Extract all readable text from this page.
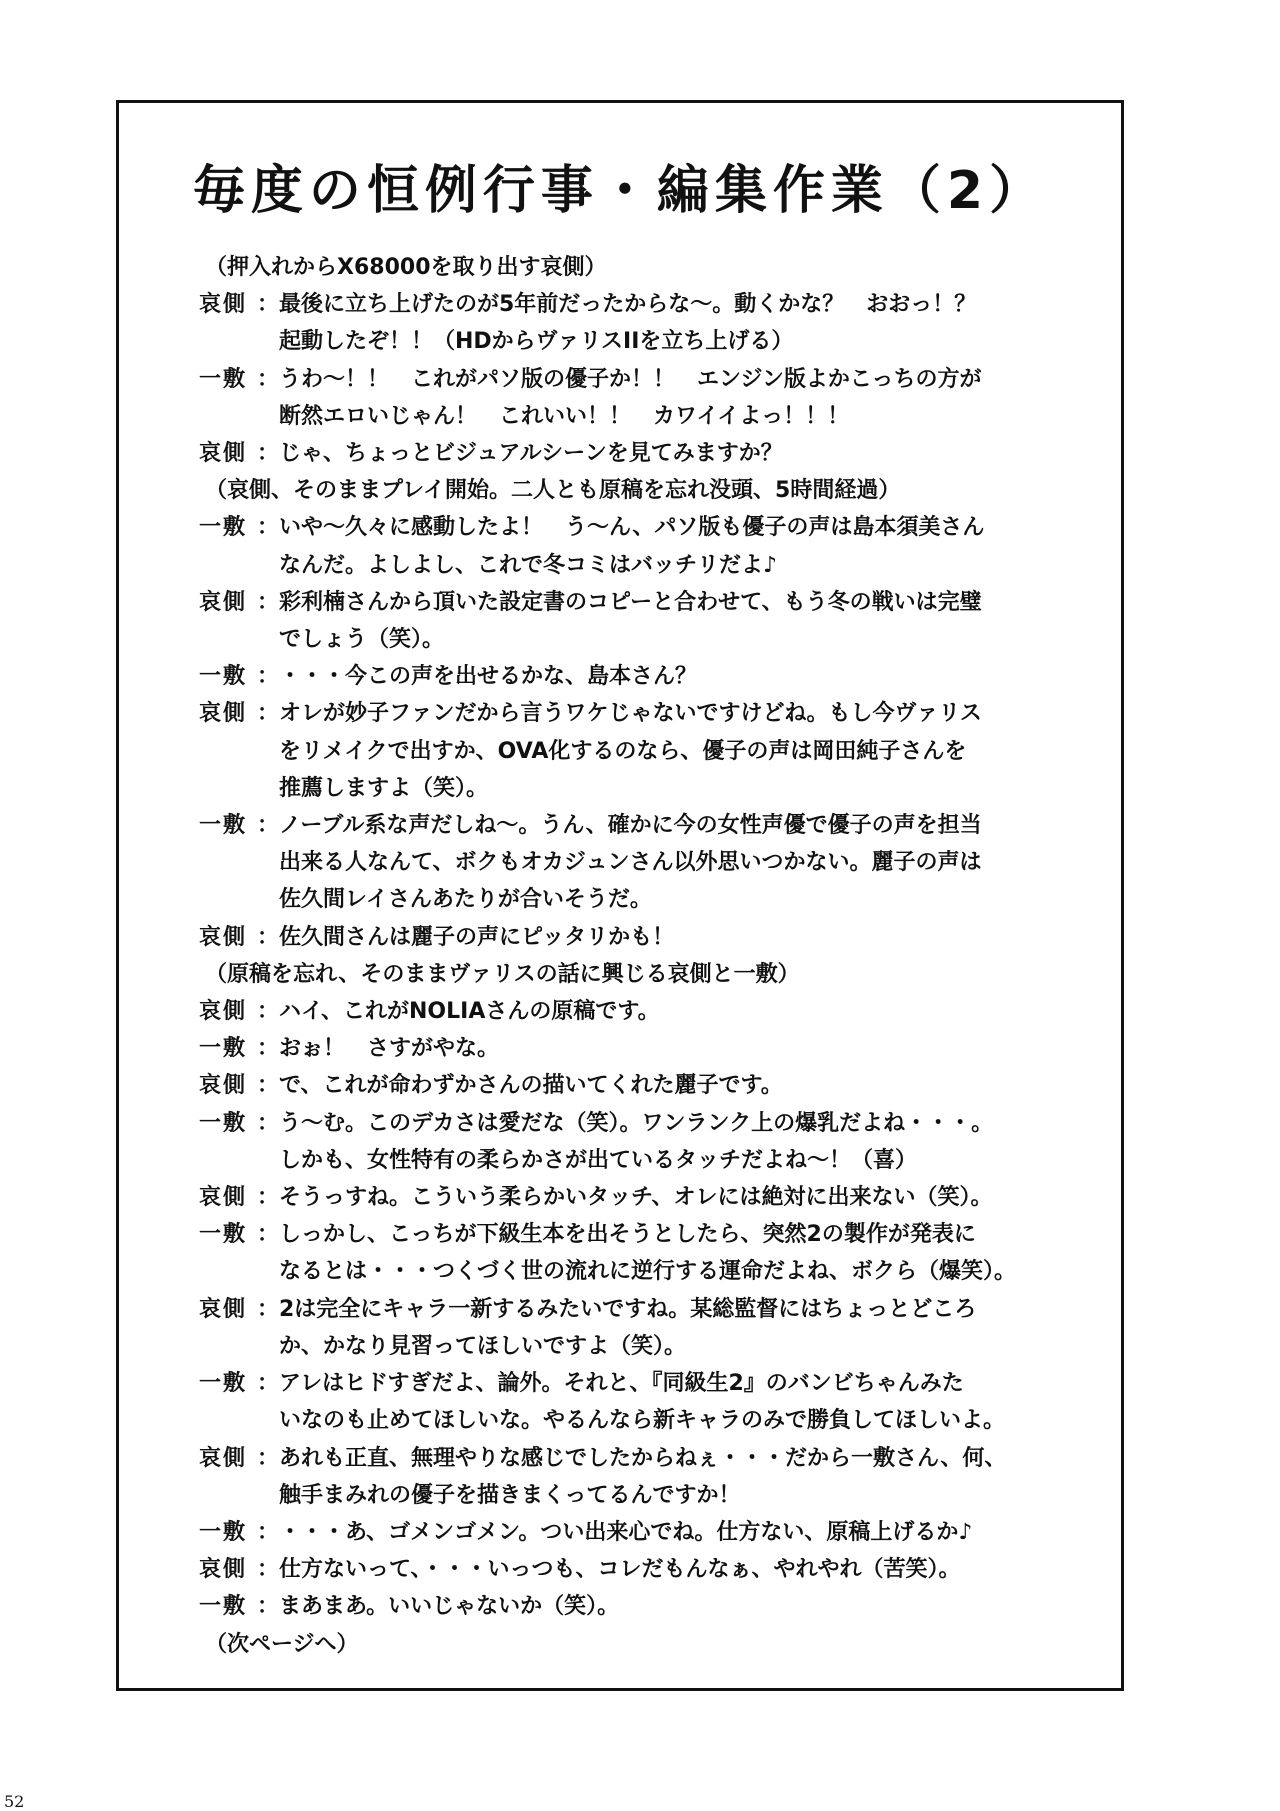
毎度の恒例行事・編集作業（2）
（押入れからX68000を取り出す哀側）
哀側 ： 最後に立ち上げたのが5年前だったからな〜。動くかな？　おおっ！？
起動したぞ！！（HDからヴァリスIIを立ち上げる）
一敷 ： うわ〜！！　これがパソ版の優子か！！　エンジン版よかこっちの方が
断然エロいじゃん！　これいい！！　カワイイよっ！！！
哀側 ： じゃ、ちょっとビジュアルシーンを見てみますか？
（哀側、そのままプレイ開始。二人とも原稿を忘れ没頭、5時間経過）
一敷 ： いや〜久々に感動したよ！　う〜ん、パソ版も優子の声は島本須美さん
なんだ。よしよし、これで冬コミはバッチリだよ♪
哀側 ： 彩利楠さんから頂いた設定書のコピーと合わせて、もう冬の戦いは完璧
でしょう（笑）。
一敷 ： ・・・今この声を出せるかな、島本さん？
哀側 ： オレが妙子ファンだから言うワケじゃないですけどね。もし今ヴァリス
をリメイクで出すか、OVA化するのなら、優子の声は岡田純子さんを
推薦しますよ（笑）。
一敷 ： ノーブル系な声だしね〜。うん、確かに今の女性声優で優子の声を担当
出来る人なんて、ボクもオカジュンさん以外思いつかない。麗子の声は
佐久間レイさんあたりが合いそうだ。
哀側 ： 佐久間さんは麗子の声にピッタリかも！
（原稿を忘れ、そのままヴァリスの話に興じる哀側と一敷）
哀側 ： ハイ、これがNOLIAさんの原稿です。
一敷 ： おぉ！　さすがやな。
哀側 ： で、これが命わずかさんの描いてくれた麗子です。
一敷 ： う〜む。このデカさは愛だな（笑）。ワンランク上の爆乳だよね・・・。
しかも、女性特有の柔らかさが出ているタッチだよね〜！（喜）
哀側 ： そうっすね。こういう柔らかいタッチ、オレには絶対に出来ない（笑）。
一敷 ： しっかし、こっちが下級生本を出そうとしたら、突然2の製作が発表に
なるとは・・・つくづく世の流れに逆行する運命だよね、ボクら（爆笑）。
哀側 ： 2は完全にキャラ一新するみたいですね。某総監督にはちょっとどころ
か、かなり見習ってほしいですよ（笑）。
一敷 ： アレはヒドすぎだよ、論外。それと、『同級生2』のバンビちゃんみた
いなのも止めてほしいな。やるんなら新キャラのみで勝負してほしいよ。
哀側 ： あれも正直、無理やりな感じでしたからねぇ・・・だから一敷さん、何、
触手まみれの優子を描きまくってるんですか！
一敷 ： ・・・あ、ゴメンゴメン。つい出来心でね。仕方ない、原稿上げるか♪
哀側 ： 仕方ないって、・・・いっつも、コレだもんなぁ、やれやれ（苦笑）。
一敷 ： まあまあ。いいじゃないか（笑）。
（次ページへ）
52
